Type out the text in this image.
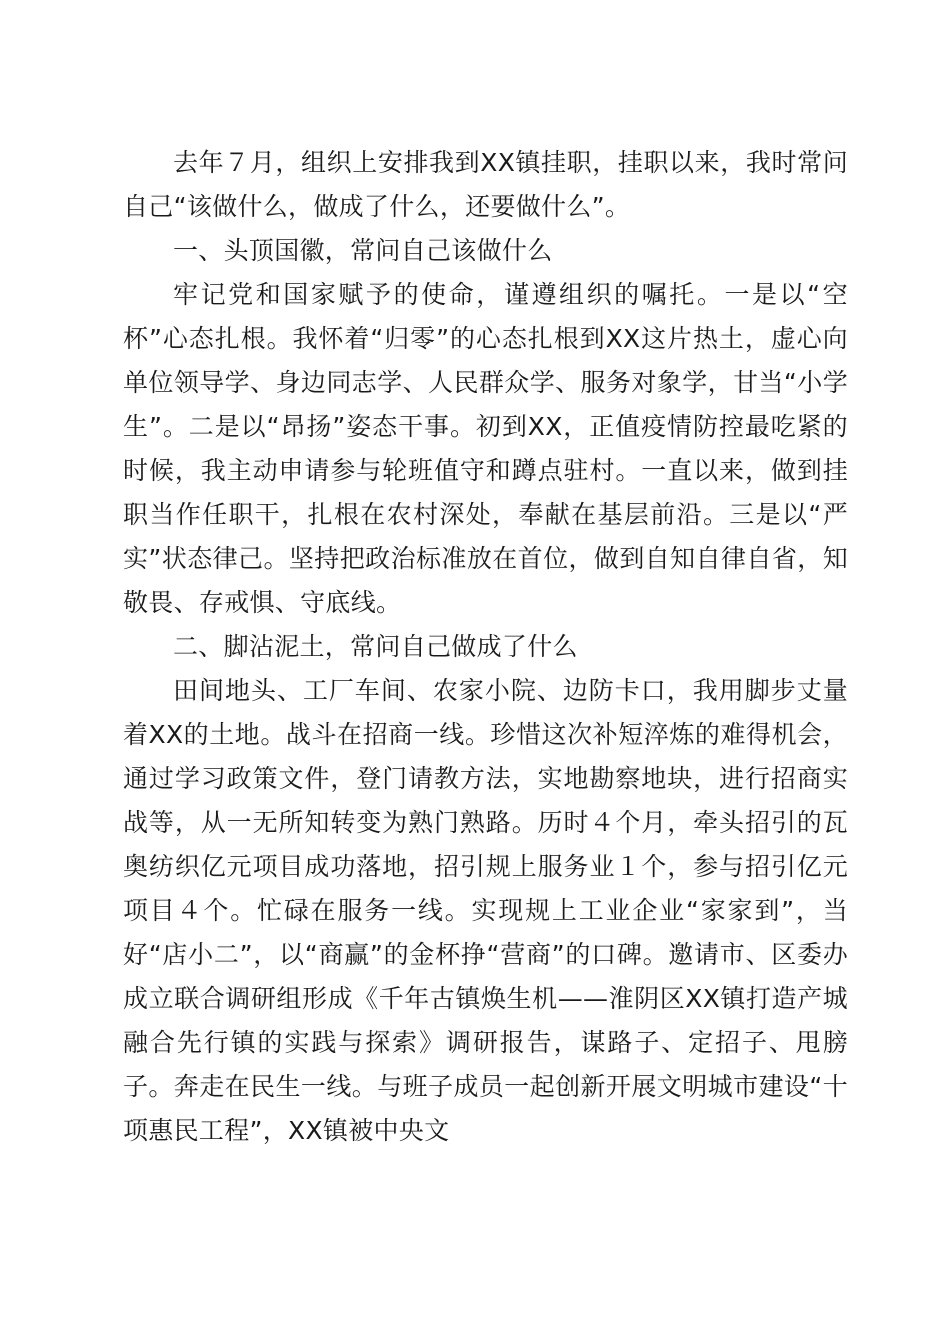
去年７月，组织上安排我到XX镇挂职，挂职以来，我时常问自己“该做什么，做成了什么，还要做什么”。

一、头顶国徽，常问自己该做什么

牢记党和国家赋予的使命，谨遵组织的嘱托。一是以“空杯”心态扎根。我怀着“归零”的心态扎根到XX这片热土，虚心向单位领导学、身边同志学、人民群众学、服务对象学，甘当“小学生”。二是以“昂扬”姿态干事。初到XX，正值疫情防控最吃紧的时候，我主动申请参与轮班值守和蹲点驻村。一直以来，做到挂职当作任职干，扎根在农村深处，奉献在基层前沿。三是以“严实”状态律己。坚持把政治标准放在首位，做到自知自律自省，知敬畏、存戒惧、守底线。

二、脚沾泥土，常问自己做成了什么

田间地头、工厂车间、农家小院、边防卡口，我用脚步丈量着XX的土地。战斗在招商一线。珍惜这次补短淬炼的难得机会，通过学习政策文件，登门请教方法，实地勘察地块，进行招商实战等，从一无所知转变为熟门熟路。历时４个月，牵头招引的瓦奥纺织亿元项目成功落地，招引规上服务业１个，参与招引亿元项目４个。忙碌在服务一线。实现规上工业企业“家家到”，当好“店小二”，以“商赢”的金杯挣“营商”的口碑。邀请市、区委办成立联合调研组形成《千年古镇焕生机——淮阴区XX镇打造产城融合先行镇的实践与探索》调研报告，谋路子、定招子、甩膀子。奔走在民生一线。与班子成员一起创新开展文明城市建设“十项惠民工程”，XX镇被中央文
